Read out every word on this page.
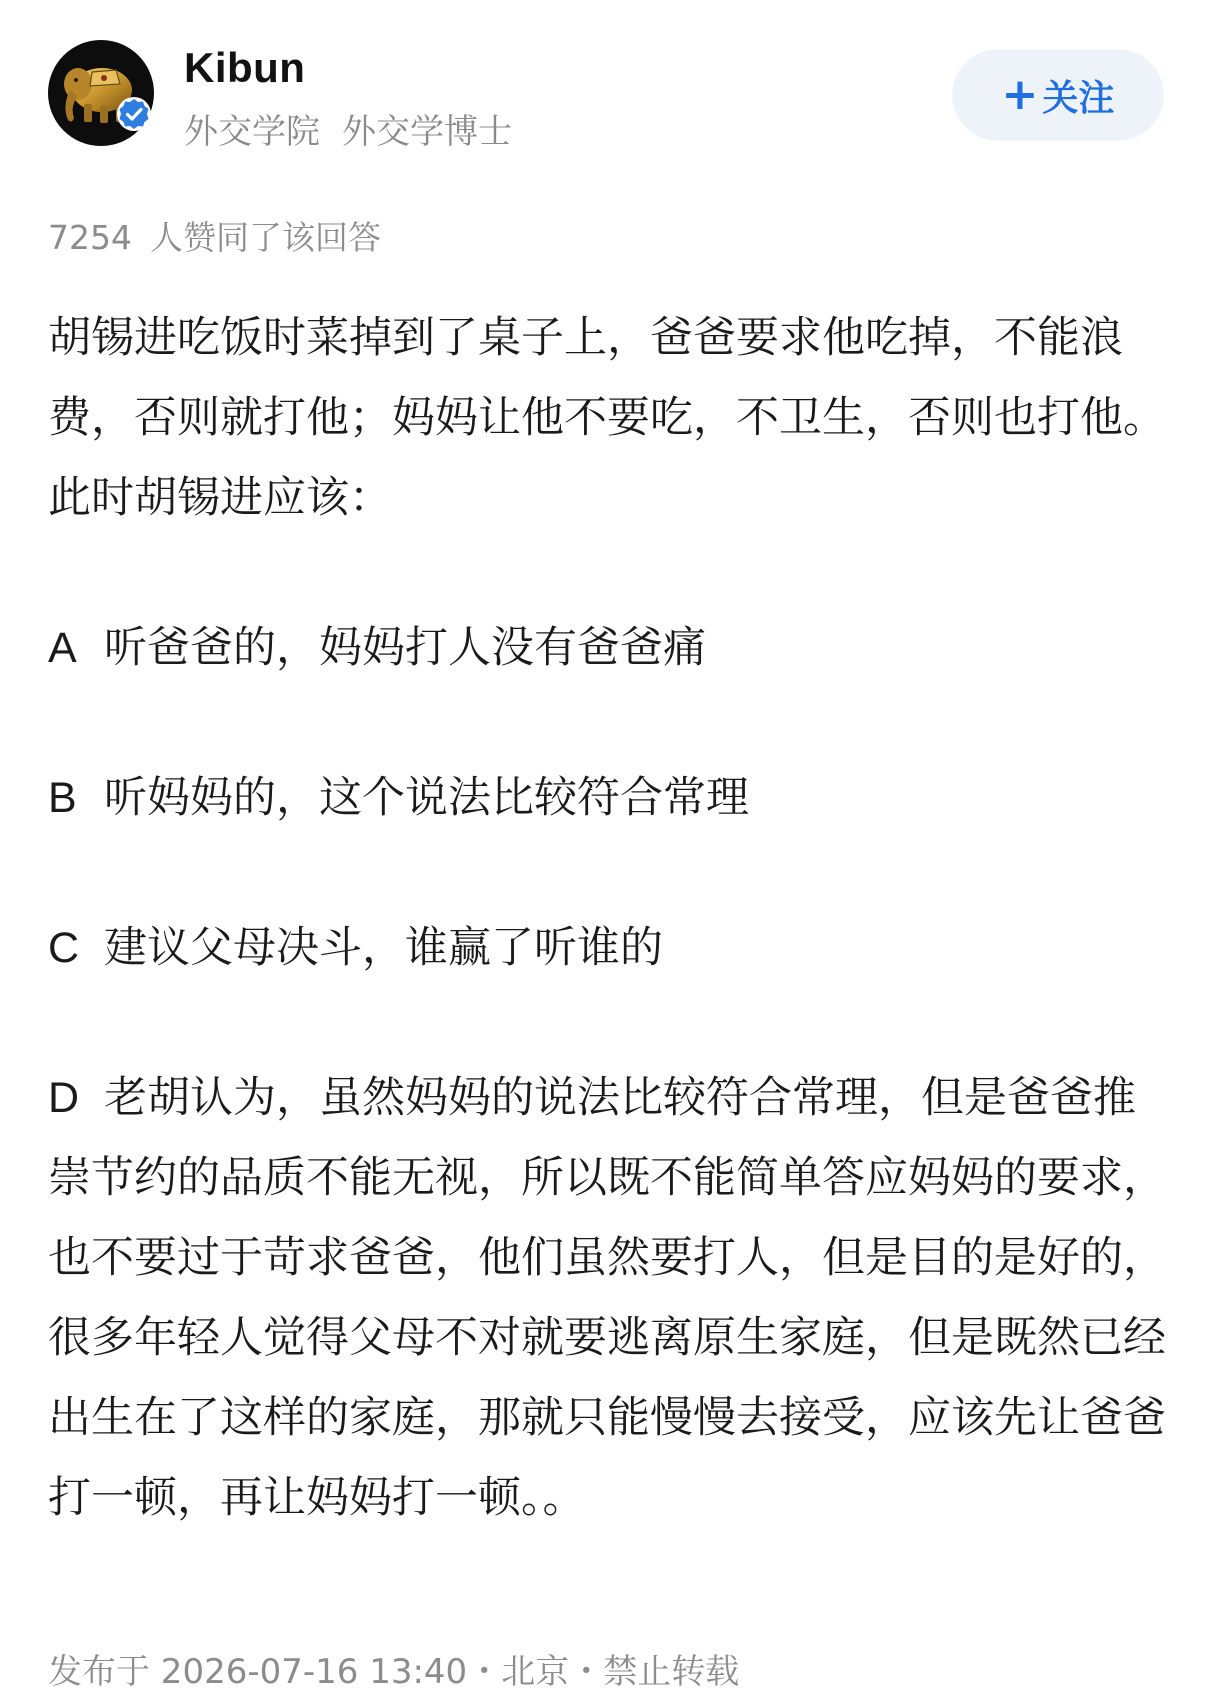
Kibun
外交学院 外交学博士
+ 关注
7254 人赞同了该回答

胡锡进吃饭时菜掉到了桌子上，爸爸要求他吃掉，不能浪费，否则就打他；妈妈让他不要吃，不卫生，否则也打他。此时胡锡进应该：

A 听爸爸的，妈妈打人没有爸爸痛
B 听妈妈的，这个说法比较符合常理
C 建议父母决斗，谁赢了听谁的

D 老胡认为，虽然妈妈的说法比较符合常理，但是爸爸推崇节约的品质不能无视，所以既不能简单答应妈妈的要求，也不要过于苛求爸爸，他们虽然要打人，但是目的是好的，很多年轻人觉得父母不对就要逃离原生家庭，但是既然已经出生在了这样的家庭，那就只能慢慢去接受，应该先让爸爸打一顿，再让妈妈打一顿。。

发布于 2026-07-16 13:40・北京・禁止转载
